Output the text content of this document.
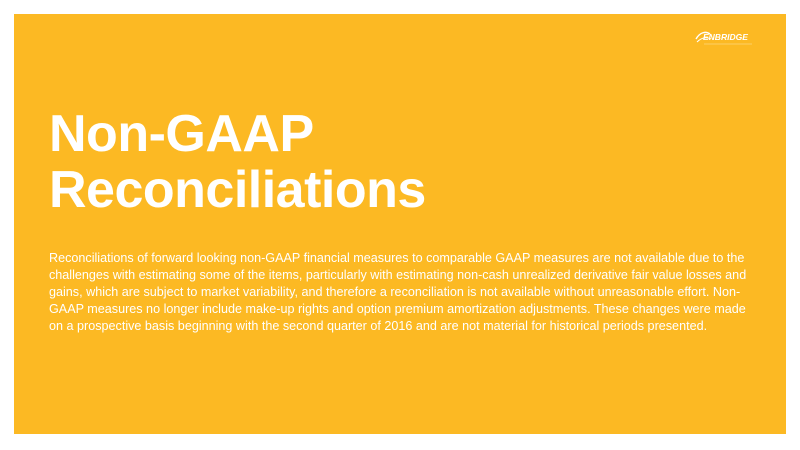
ENBRIDGE
Non-GAAP
Reconciliations

Reconciliations of forward looking non-GAAP financial measures to comparable GAAP measures are not available due to the challenges with estimating some of the items, particularly with estimating non-cash unrealized derivative fair value losses and gains, which are subject to market variability, and therefore a reconciliation is not available without unreasonable effort. Non-GAAP measures no longer include make-up rights and option premium amortization adjustments. These changes were made on a prospective basis beginning with the second quarter of 2016 and are not material for historical periods presented.
